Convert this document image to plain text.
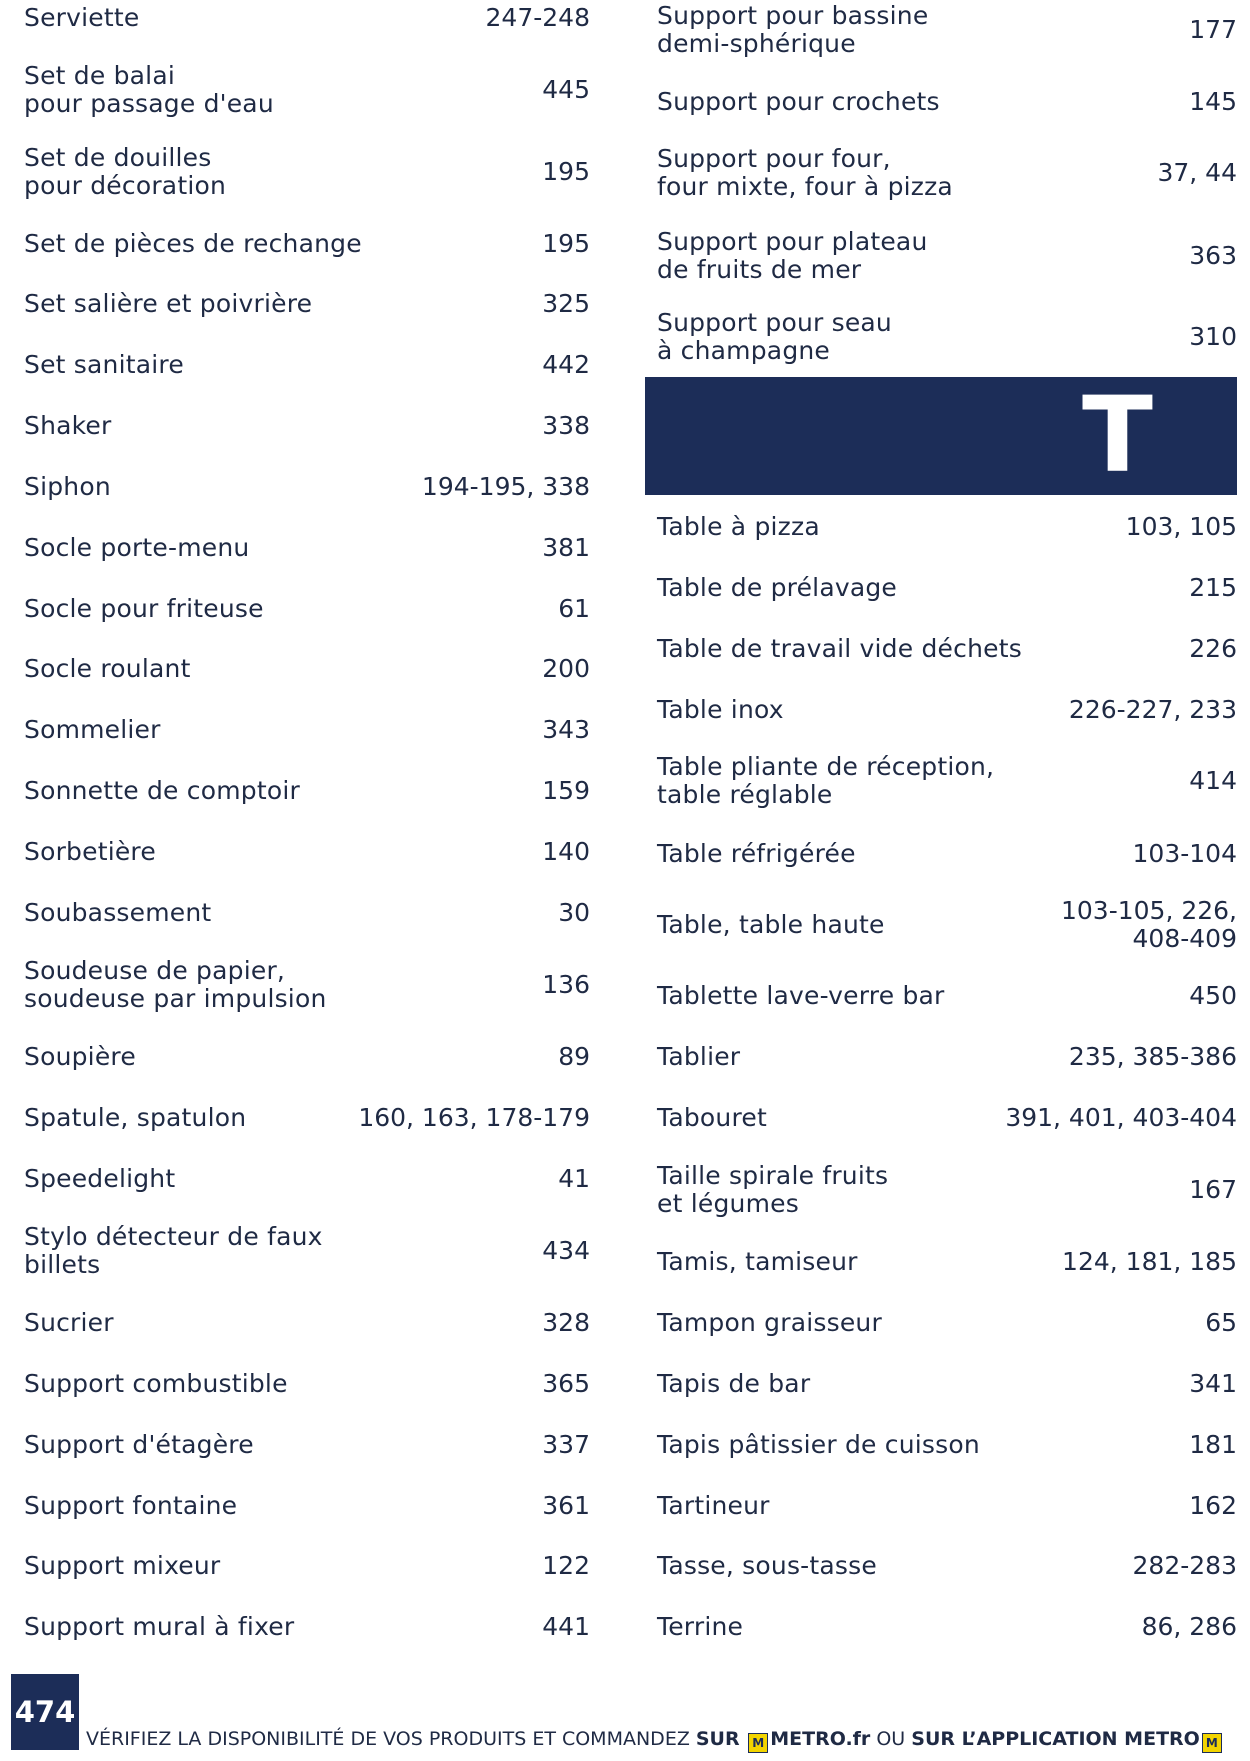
Serviette	247-248
Set de balai
pour passage d'eau	445
Set de douilles
pour décoration	195
Set de pièces de rechange	195
Set salière et poivrière	325
Set sanitaire	442
Shaker	338
Siphon	194-195, 338
Socle porte-menu	381
Socle pour friteuse	61
Socle roulant	200
Sommelier	343
Sonnette de comptoir	159
Sorbetière	140
Soubassement	30
Soudeuse de papier,
soudeuse par impulsion	136
Soupière	89
Spatule, spatulon	160, 163, 178-179
Speedelight	41
Stylo détecteur de faux
billets	434
Sucrier	328
Support combustible	365
Support d'étagère	337
Support fontaine	361
Support mixeur	122
Support mural à fixer	441
Support pour bassine
demi-sphérique	177
Support pour crochets	145
Support pour four,
four mixte, four à pizza	37, 44
Support pour plateau
de fruits de mer	363
Support pour seau
à champagne	310
Table à pizza	103, 105
Table de prélavage	215
Table de travail vide déchets	226
Table inox	226-227, 233
Table pliante de réception,
table réglable	414
Table réfrigérée	103-104
Table, table haute	103-105, 226,
408-409
Tablette lave-verre bar	450
Tablier	235, 385-386
Tabouret	391, 401, 403-404
Taille spirale fruits
et légumes	167
Tamis, tamiseur	124, 181, 185
Tampon graisseur	65
Tapis de bar	341
Tapis pâtissier de cuisson	181
Tartineur	162
Tasse, sous-tasse	282-283
Terrine	86, 286
T
474
VÉRIFIEZ LA DISPONIBILITÉ DE VOS PRODUITS ET COMMANDEZ SUR M METRO.fr OU SUR L’APPLICATION METRO M
